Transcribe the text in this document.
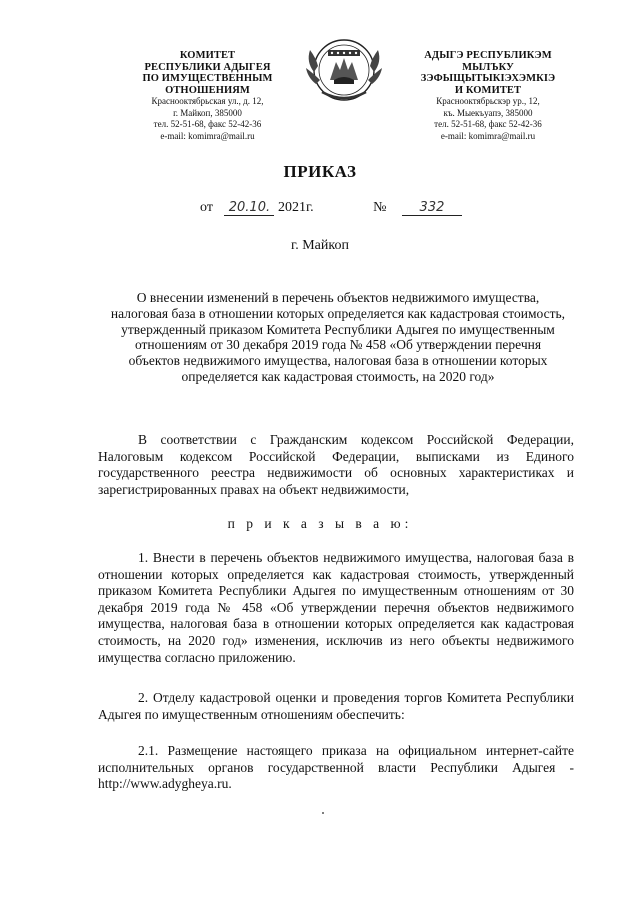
КОМИТЕТ
РЕСПУБЛИКИ АДЫГЕЯ
ПО ИМУЩЕСТВЕННЫМ ОТНОШЕНИЯМ
Краснооктябрьская ул., д. 12,
г. Майкоп, 385000
тел. 52-51-68, факс 52-42-36
e-mail: komimra@mail.ru
АДЫГЭ РЕСПУБЛИКЭМ
МЫЛЪКУ ЗЭФЫЩЫТЫКIЭХЭМКIЭ
И КОМИТЕТ
Краснооктябрьскэр ур., 12,
къ. Мыекъуапэ, 385000
тел. 52-51-68, факс 52-42-36
e-mail: komimra@mail.ru
ПРИКАЗ
от 20.10. 2021г.	№	332
г. Майкоп
О внесении изменений в перечень объектов недвижимого имущества, налоговая база в отношении которых определяется как кадастровая стоимость, утвержденный приказом Комитета Республики Адыгея по имущественным отношениям от 30 декабря 2019 года № 458 «Об утверждении перечня объектов недвижимого имущества, налоговая база в отношении которых определяется как кадастровая стоимость, на 2020 год»
В соответствии с Гражданским кодексом Российской Федерации, Налоговым кодексом Российской Федерации, выписками из Единого государственного реестра недвижимости об основных характеристиках и зарегистрированных правах на объект недвижимости,
п р и к а з ы в а ю:
1. Внести в перечень объектов недвижимого имущества, налоговая база в отношении которых определяется как кадастровая стоимость, утвержденный приказом Комитета Республики Адыгея по имущественным отношениям от 30 декабря 2019 года № 458 «Об утверждении перечня объектов недвижимого имущества, налоговая база в отношении которых определяется как кадастровая стоимость, на 2020 год» изменения, исключив из него объекты недвижимого имущества согласно приложению.
2. Отделу кадастровой оценки и проведения торгов Комитета Республики Адыгея по имущественным отношениям обеспечить:
2.1. Размещение настоящего приказа на официальном интернет-сайте исполнительных органов государственной власти Республики Адыгея - http://www.adygheya.ru.
